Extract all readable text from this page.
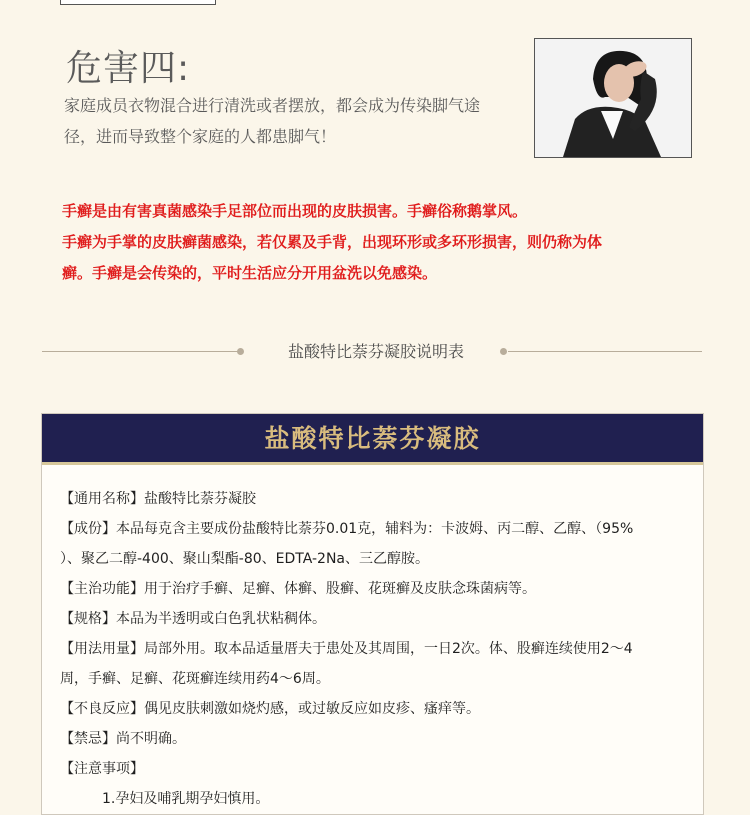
危害四:
家庭成员衣物混合进行清洗或者摆放，都会成为传染脚气途
径，进而导致整个家庭的人都患脚气！
手癣是由有害真菌感染手足部位而出现的皮肤损害。手癣俗称鹅掌风。
手癣为手掌的皮肤癣菌感染，若仅累及手背，出现环形或多环形损害，则仍称为体
癣。手癣是会传染的，平时生活应分开用盆洗以免感染。
盐酸特比萘芬凝胶说明表
盐酸特比萘芬凝胶

【通用名称】盐酸特比萘芬凝胶

【成份】本品每克含主要成份盐酸特比萘芬0.01克，辅料为：卡波姆、丙二醇、乙醇、（95%

）、聚乙二醇-400、聚山梨酯-80、EDTA-2Na、三乙醇胺。

【主治功能】用于治疗手癣、足癣、体癣、股癣、花斑癣及皮肤念珠菌病等。

【规格】本品为半透明或白色乳状粘稠体。

【用法用量】局部外用。取本品适量厝夫于患处及其周围，一日2次。体、股癣连续使用2～4

周，手癣、足癣、花斑癣连续用药4～6周。

【不良反应】偶见皮肤刺激如烧灼感，或过敏反应如皮疹、瘙痒等。

【禁忌】尚不明确。

【注意事项】

1.孕妇及哺乳期孕妇慎用。
